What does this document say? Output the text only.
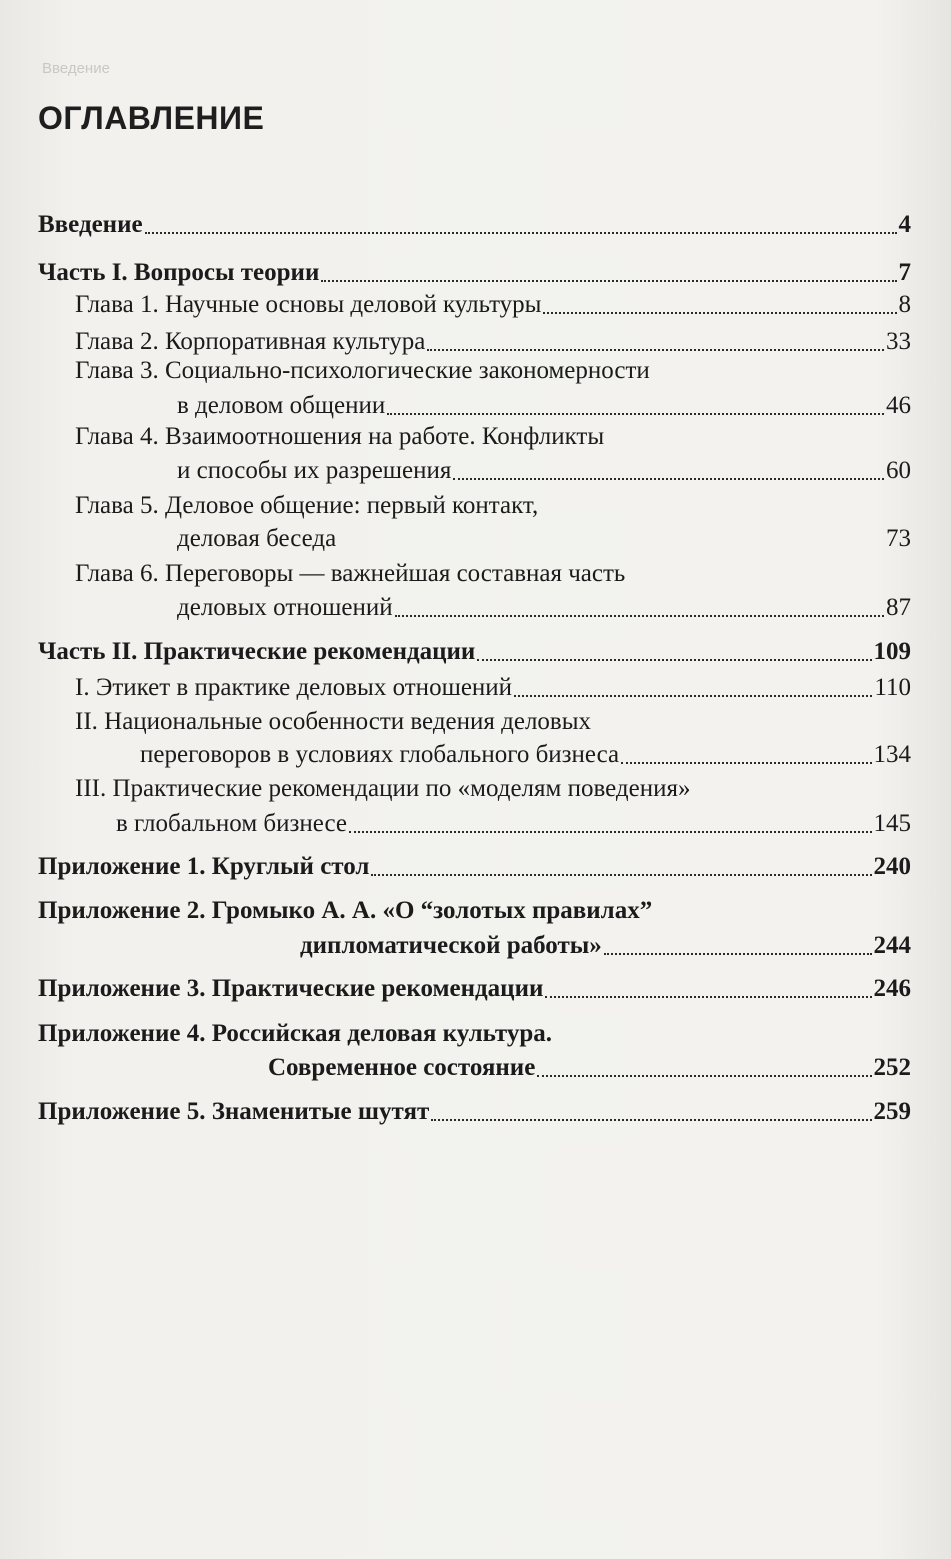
Введение
ОГЛАВЛЕНИЕ
Введение	4
Часть I. Вопросы теории	7
Глава 1. Научные основы деловой культуры	8
Глава 2. Корпоративная культура	33
Глава 3. Социально-психологические закономерности
в деловом общении	46
Глава 4. Взаимоотношения на работе. Конфликты
и способы их разрешения	60
Глава 5. Деловое общение: первый контакт,
деловая беседа	73
Глава 6. Переговоры — важнейшая составная часть
деловых отношений	87
Часть II. Практические рекомендации	109
I. Этикет в практике деловых отношений	110
II. Национальные особенности ведения деловых
переговоров в условиях глобального бизнеса	134
III. Практические рекомендации по «моделям поведения»
в глобальном бизнесе	145
Приложение 1. Круглый стол	240
Приложение 2. Громыко А. А. «О “золотых правилах”
дипломатической работы»	244
Приложение 3. Практические рекомендации	246
Приложение 4. Российская деловая культура.
Современное состояние	252
Приложение 5. Знаменитые шутят	259
